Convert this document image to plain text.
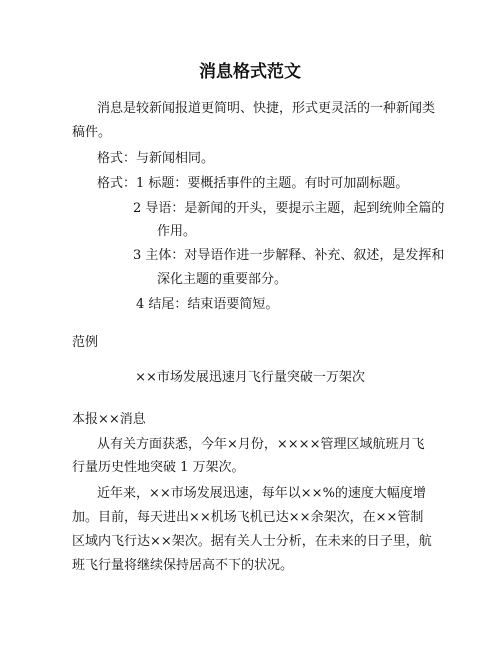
消息格式范文
消息是较新闻报道更简明、快捷，形式更灵活的一种新闻类
稿件。
格式：与新闻相同。
格式： 1 标题：要概括事件的主题。有时可加副标题。
2 导语：是新闻的开头，要提示主题，起到统帅全篇的
作用。
3 主体：对导语作进一步解释、补充、叙述，是发挥和
深化主题的重要部分。
4 结尾：结束语要简短。
范例
××市场发展迅速月飞行量突破一万架次
本报××消息
从有关方面获悉，今年×月份，××××管理区域航班月飞
行量历史性地突破 1 万架次。
近年来，××市场发展迅速，每年以××%的速度大幅度增
加。目前，每天进出××机场飞机已达××余架次，在××管制
区域内飞行达××架次。据有关人士分析，在未来的日子里，航
班飞行量将继续保持居高不下的状况。
